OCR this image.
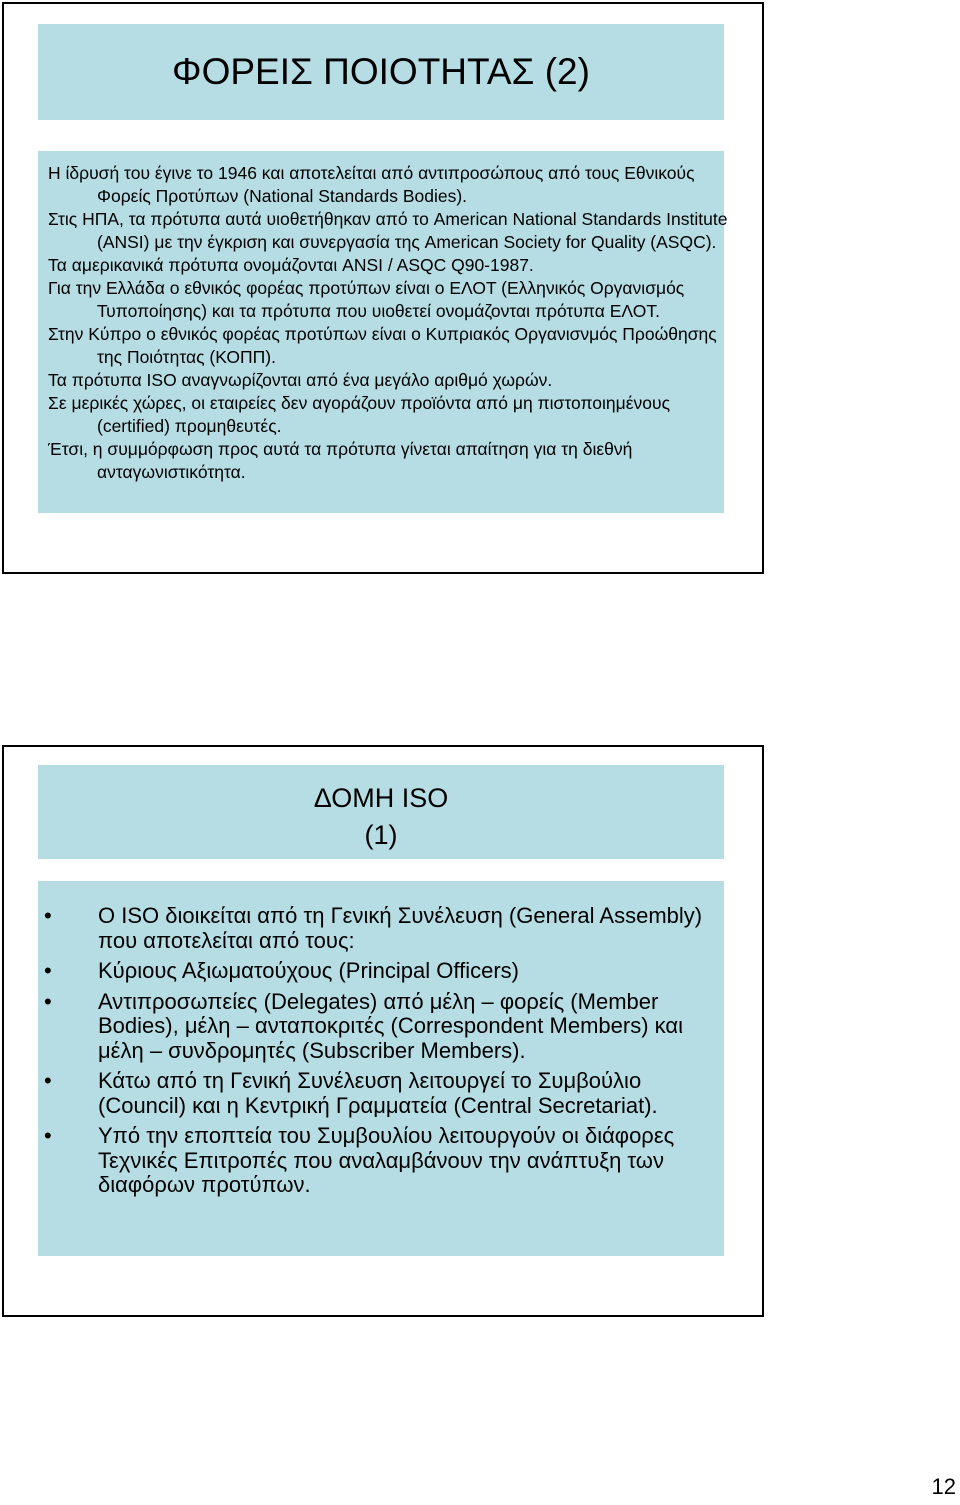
ΦΟΡΕΙΣ ΠΟΙΟΤΗΤΑΣ (2)
Η ίδρυσή του έγινε το 1946 και αποτελείται από αντιπροσώπους από τους Εθνικούς Φορείς Προτύπων (National Standards Bodies).
Στις ΗΠΑ, τα πρότυπα αυτά υιοθετήθηκαν από το American National Standards Institute (ANSI) με την έγκριση και συνεργασία της American Society for Quality (ASQC).
Τα αμερικανικά πρότυπα ονομάζονται ANSI / ASQC Q90-1987.
Για την Ελλάδα ο εθνικός φορέας προτύπων είναι ο ΕΛΟΤ (Ελληνικός Οργανισμός Τυποποίησης) και τα πρότυπα που υιοθετεί ονομάζονται πρότυπα ΕΛΟΤ.
Στην Κύπρο ο εθνικός φορέας προτύπων είναι ο Κυπριακός Οργανισνμός Προώθησης της Ποιότητας (ΚΟΠΠ).
Τα πρότυπα ISO αναγνωρίζονται από ένα μεγάλο αριθμό χωρών.
Σε μερικές χώρες, οι εταιρείες δεν αγοράζουν προϊόντα από μη πιστοποιημένους (certified) προμηθευτές.
Έτσι, η συμμόρφωση προς αυτά τα πρότυπα γίνεται απαίτηση για τη διεθνή ανταγωνιστικότητα.
ΔΟΜΗ ISO
(1)
• Ο ISO διοικείται από τη Γενική Συνέλευση (General Assembly) που αποτελείται από τους:
• Κύριους Αξιωματούχους (Principal Officers)
• Αντιπροσωπείες (Delegates) από μέλη – φορείς (Member Bodies), μέλη – ανταποκριτές (Correspondent Members) και μέλη – συνδρομητές (Subscriber Members).
• Κάτω από τη Γενική Συνέλευση λειτουργεί το Συμβούλιο (Council) και η Κεντρική Γραμματεία (Central Secretariat).
• Υπό την εποπτεία του Συμβουλίου λειτουργούν οι διάφορες Τεχνικές Επιτροπές που αναλαμβάνουν την ανάπτυξη των διαφόρων προτύπων.
12
